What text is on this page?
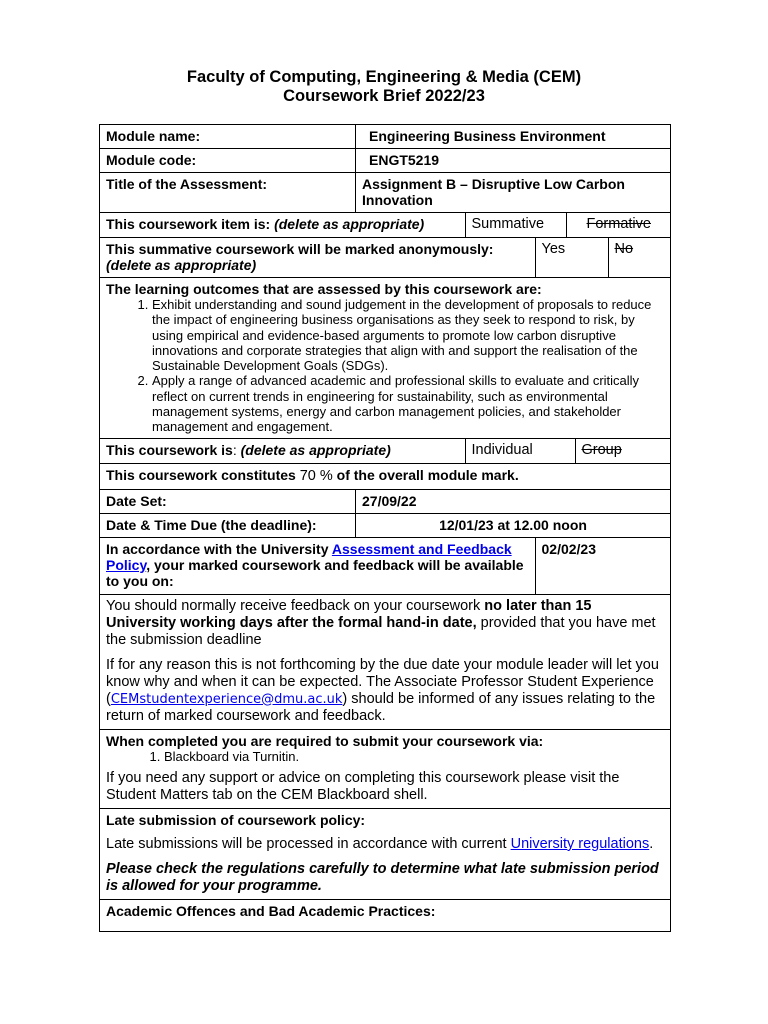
Faculty of Computing, Engineering & Media (CEM)
Coursework Brief 2022/23
Module name:	Engineering Business Environment
Module code:	ENGT5219
Title of the Assessment:	Assignment B – Disruptive Low Carbon Innovation

This coursework item is: (delete as appropriate)	Summative	Formative

This summative coursework will be marked anonymously: (delete as appropriate)	Yes	No

The learning outcomes that are assessed by this coursework are:
1. Exhibit understanding and sound judgement in the development of proposals to reduce the impact of engineering business organisations as they seek to respond to risk, by using empirical and evidence-based arguments to promote low carbon disruptive innovations and corporate strategies that align with and support the realisation of the Sustainable Development Goals (SDGs).
2. Apply a range of advanced academic and professional skills to evaluate and critically reflect on current trends in engineering for sustainability, such as environmental management systems, energy and carbon management policies, and stakeholder management and engagement.

This coursework is: (delete as appropriate)	Individual	Group

This coursework constitutes 70 % of the overall module mark.
Date Set:	27/09/22
Date & Time Due (the deadline):	12/01/23 at 12.00 noon

In accordance with the University Assessment and Feedback Policy, your marked coursework and feedback will be available to you on:	02/02/23

You should normally receive feedback on your coursework no later than 15 University working days after the formal hand-in date, provided that you have met the submission deadline

If for any reason this is not forthcoming by the due date your module leader will let you know why and when it can be expected. The Associate Professor Student Experience (CEMstudentexperience@dmu.ac.uk) should be informed of any issues relating to the return of marked coursework and feedback.

When completed you are required to submit your coursework via:
1. Blackboard via Turnitin.
If you need any support or advice on completing this coursework please visit the Student Matters tab on the CEM Blackboard shell.

Late submission of coursework policy:

Late submissions will be processed in accordance with current University regulations.

Please check the regulations carefully to determine what late submission period is allowed for your programme.

Academic Offences and Bad Academic Practices:
